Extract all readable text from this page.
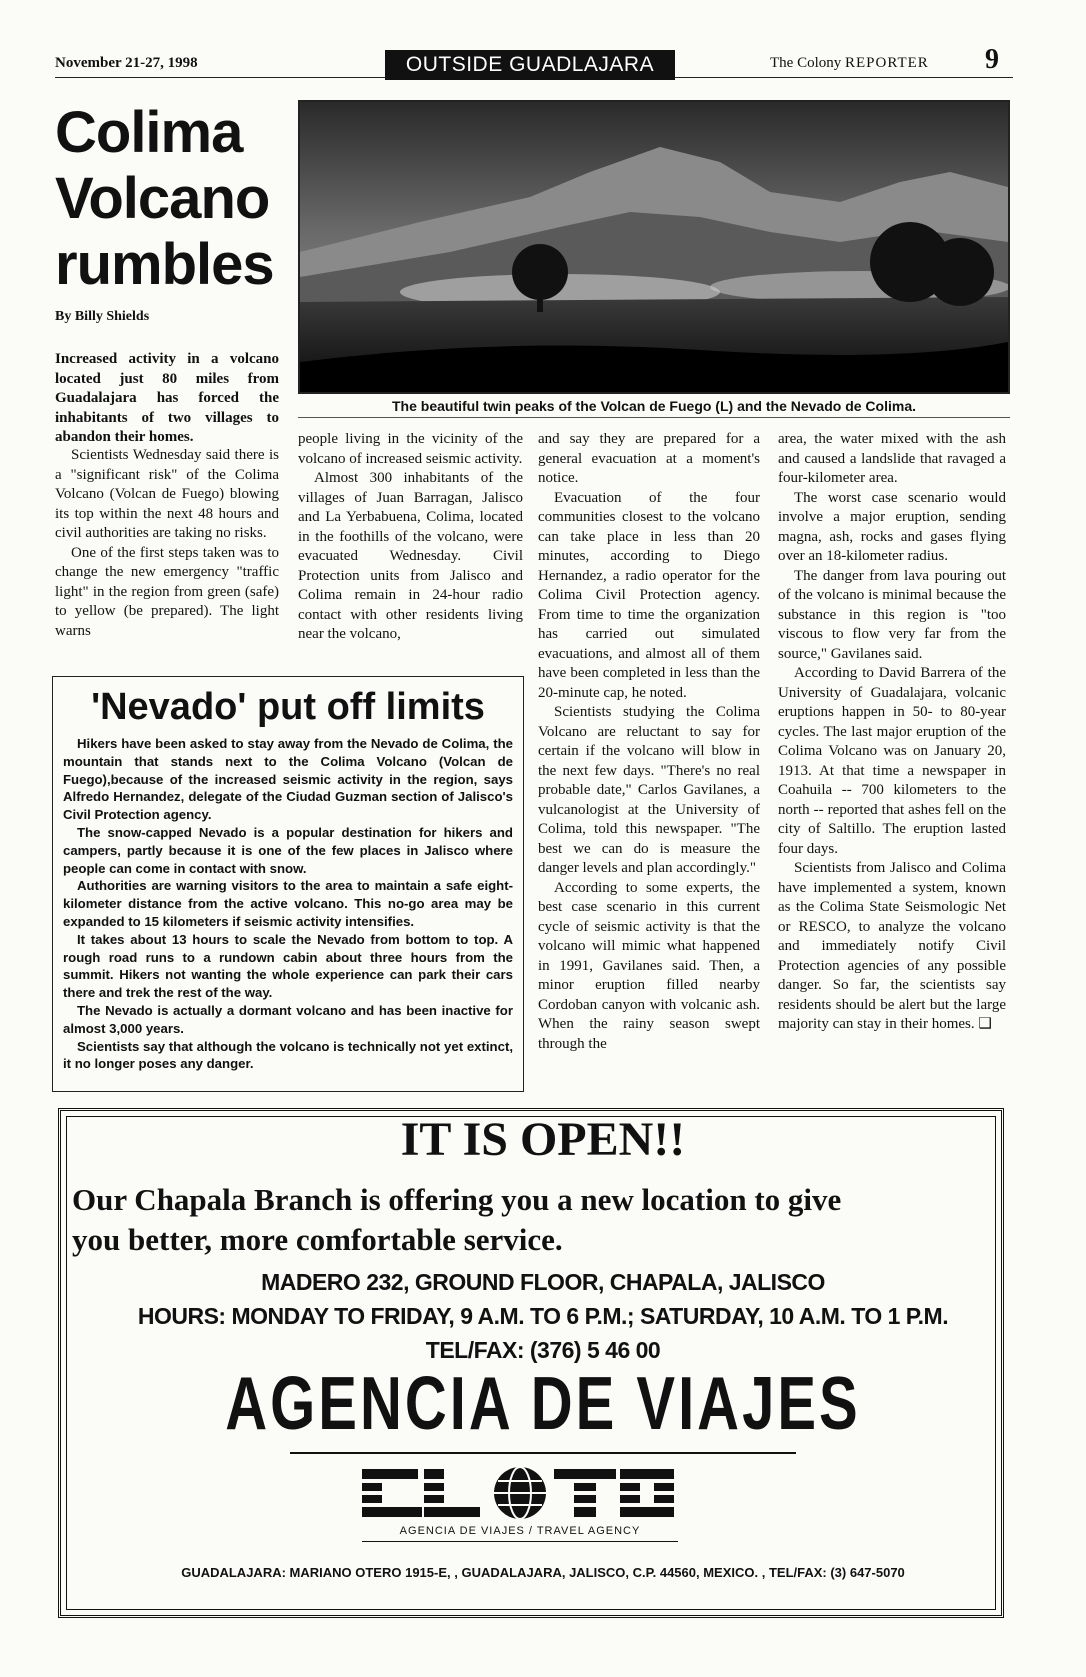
November 21-27, 1998	OUTSIDE GUADLAJARA	The Colony REPORTER 9
Colima Volcano rumbles
By Billy Shields
The beautiful twin peaks of the Volcan de Fuego (L) and the Nevado de Colima.
Increased activity in a volcano located just 80 miles from Guadalajara has forced the inhabitants of two villages to abandon their homes.

Scientists Wednesday said there is a "significant risk" of the Colima Volcano (Volcan de Fuego) blowing its top within the next 48 hours and civil authorities are taking no risks.

One of the first steps taken was to change the new emergency "traffic light" in the region from green (safe) to yellow (be prepared). The light warns

people living in the vicinity of the volcano of increased seismic activity.

Almost 300 inhabitants of the villages of Juan Barragan, Jalisco and La Yerbabuena, Colima, located in the foothills of the volcano, were evacuated Wednesday. Civil Protection units from Jalisco and Colima remain in 24-hour radio contact with other residents living near the volcano,

and say they are prepared for a general evacuation at a moment's notice.

Evacuation of the four communities closest to the volcano can take place in less than 20 minutes, according to Diego Hernandez, a radio operator for the Colima Civil Protection agency. From time to time the organization has carried out simulated evacuations, and almost all of them have been completed in less than the 20-minute cap, he noted.

Scientists studying the Colima Volcano are reluctant to say for certain if the volcano will blow in the next few days. "There's no real probable date," Carlos Gavilanes, a vulcanologist at the University of Colima, told this newspaper. "The best we can do is measure the danger levels and plan accordingly."

According to some experts, the best case scenario in this current cycle of seismic activity is that the volcano will mimic what happened in 1991, Gavilanes said. Then, a minor eruption filled nearby Cordoban canyon with volcanic ash. When the rainy season swept through the

area, the water mixed with the ash and caused a landslide that ravaged a four-kilometer area.

The worst case scenario would involve a major eruption, sending magna, ash, rocks and gases flying over an 18-kilometer radius.

The danger from lava pouring out of the volcano is minimal because the substance in this region is "too viscous to flow very far from the source," Gavilanes said.

According to David Barrera of the University of Guadalajara, volcanic eruptions happen in 50- to 80-year cycles. The last major eruption of the Colima Volcano was on January 20, 1913. At that time a newspaper in Coahuila -- 700 kilometers to the north -- reported that ashes fell on the city of Saltillo. The eruption lasted four days.

Scientists from Jalisco and Colima have implemented a system, known as the Colima State Seismologic Net or RESCO, to analyze the volcano and immediately notify Civil Protection agencies of any possible danger. So far, the scientists say residents should be alert but the large majority can stay in their homes. ❑

'Nevado' put off limits

Hikers have been asked to stay away from the Nevado de Colima, the mountain that stands next to the Colima Volcano (Volcan de Fuego),because of the increased seismic activity in the region, says Alfredo Hernandez, delegate of the Ciudad Guzman section of Jalisco's Civil Protection agency.

The snow-capped Nevado is a popular destination for hikers and campers, partly because it is one of the few places in Jalisco where people can come in contact with snow.

Authorities are warning visitors to the area to maintain a safe eight-kilometer distance from the active volcano. This no-go area may be expanded to 15 kilometers if seismic activity intensifies.

It takes about 13 hours to scale the Nevado from bottom to top. A rough road runs to a rundown cabin about three hours from the summit. Hikers not wanting the whole experience can park their cars there and trek the rest of the way.

The Nevado is actually a dormant volcano and has been inactive for almost 3,000 years.

Scientists say that although the volcano is technically not yet extinct, it no longer poses any danger.

IT IS OPEN!!
Our Chapala Branch is offering you a new location to give
you better, more comfortable service.
MADERO 232, GROUND FLOOR, CHAPALA, JALISCO
HOURS: MONDAY TO FRIDAY, 9 A.M. TO 6 P.M.; SATURDAY, 10 A.M. TO 1 P.M.
TEL/FAX: (376) 5 46 00
AGENCIA DE VIAJES
AGENCIA DE VIAJES / TRAVEL AGENCY
GUADALAJARA: MARIANO OTERO 1915-E, , GUADALAJARA, JALISCO, C.P. 44560, MEXICO. , TEL/FAX: (3) 647-5070
